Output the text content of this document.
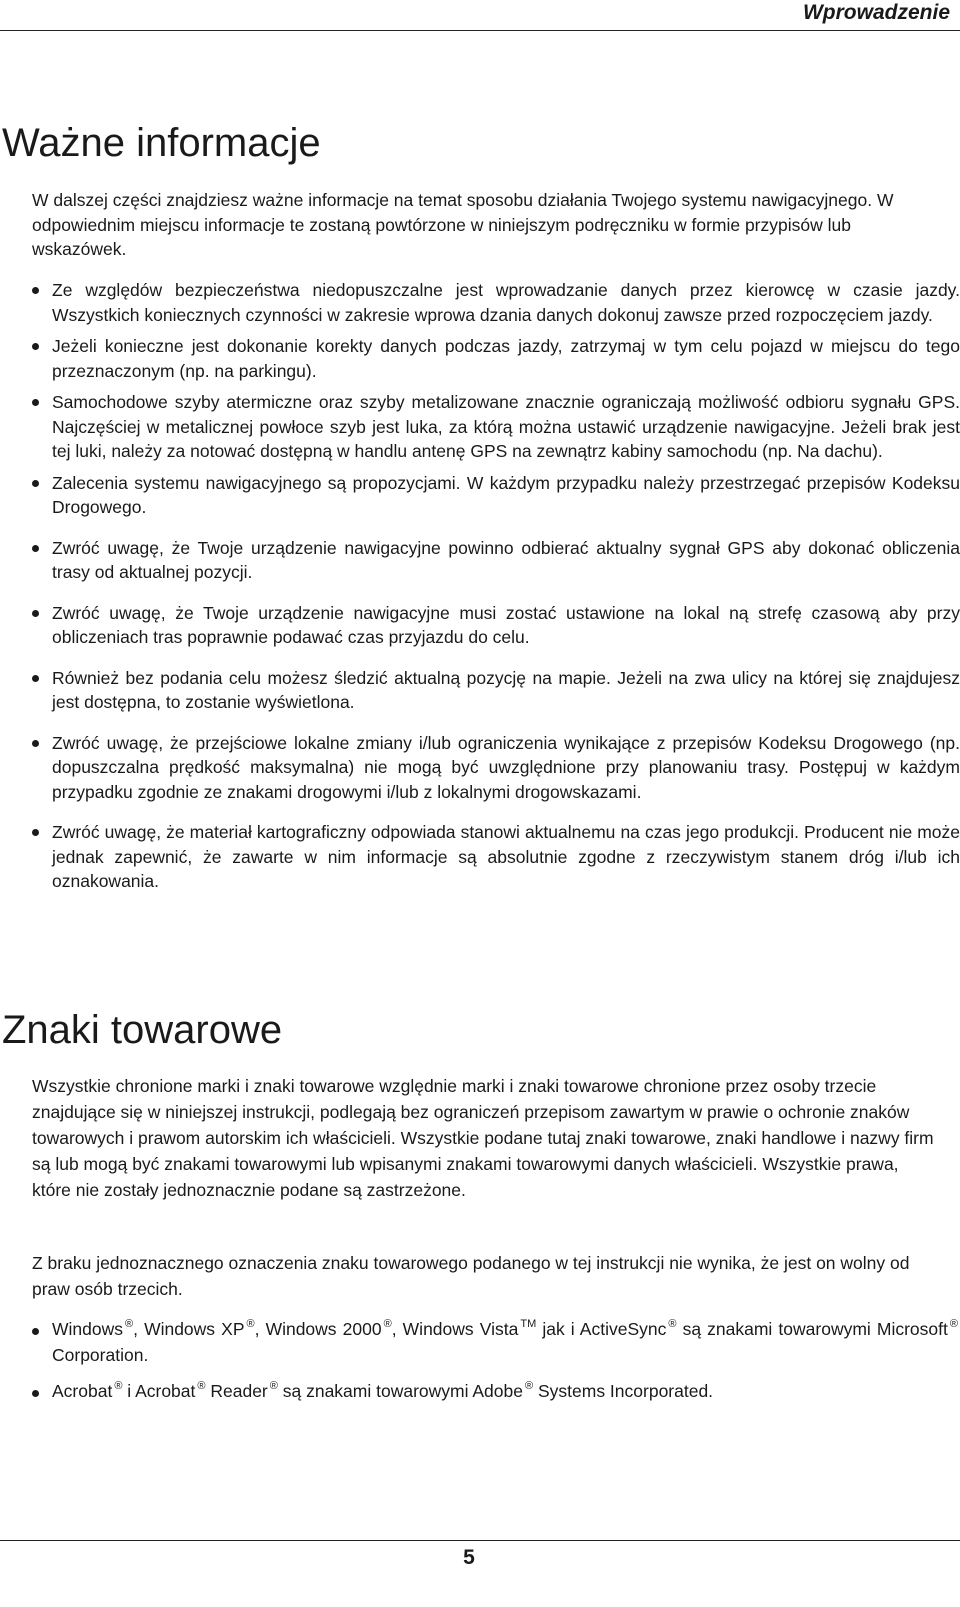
Wprowadzenie
Ważne informacje

W dalszej części znajdziesz ważne informacje na temat sposobu działania Twojego systemu nawigacyjnego. W odpowiednim miejscu informacje te zostaną powtórzone w niniejszym podręczniku w formie przypisów lub wskazówek.

Ze względów bezpieczeństwa niedopuszczalne jest wprowadzanie danych przez kierowcę w czasie jazdy. Wszystkich koniecznych czynności w zakresie wprowa dzania danych dokonuj zawsze przed rozpoczęciem jazdy.
Jeżeli konieczne jest dokonanie korekty danych podczas jazdy, zatrzymaj w tym celu pojazd w miejscu do tego przeznaczonym (np. na parkingu).
Samochodowe szyby atermiczne oraz szyby metalizowane znacznie ograniczają możliwość odbioru sygnału GPS. Najczęściej w metalicznej powłoce szyb jest luka, za którą można ustawić urządzenie nawigacyjne. Jeżeli brak jest tej luki, należy za notować dostępną w handlu antenę GPS na zewnątrz kabiny samochodu (np. Na dachu).
Zalecenia systemu nawigacyjnego są propozycjami. W każdym przypadku należy przestrzegać przepisów Kodeksu Drogowego.
Zwróć uwagę, że Twoje urządzenie nawigacyjne powinno odbierać aktualny sygnał GPS aby dokonać obliczenia trasy od aktualnej pozycji.
Zwróć uwagę, że Twoje urządzenie nawigacyjne musi zostać ustawione na lokal ną strefę czasową aby przy obliczeniach tras poprawnie podawać czas przyjazdu do celu.
Również bez podania celu możesz śledzić aktualną pozycję na mapie. Jeżeli na zwa ulicy na której się znajdujesz jest dostępna, to zostanie wyświetlona.
Zwróć uwagę, że przejściowe lokalne zmiany i/lub ograniczenia wynikające z przepisów Kodeksu Drogowego (np. dopuszczalna prędkość maksymalna) nie mogą być uwzględnione przy planowaniu trasy. Postępuj w każdym przypadku zgodnie ze znakami drogowymi i/lub z lokalnymi drogowskazami.
Zwróć uwagę, że materiał kartograficzny odpowiada stanowi aktualnemu na czas jego produkcji. Producent nie może jednak zapewnić, że zawarte w nim informacje są absolutnie zgodne z rzeczywistym stanem dróg i/lub ich oznakowania.
Znaki towarowe

Wszystkie chronione marki i znaki towarowe względnie marki i znaki towarowe chronione przez osoby trzecie znajdujące się w niniejszej instrukcji, podlegają bez ograniczeń przepisom zawartym w prawie o ochronie znaków towarowych i prawom autorskim ich właścicieli. Wszystkie podane tutaj znaki towarowe, znaki handlowe i nazwy firm są lub mogą być znakami towarowymi lub wpisanymi znakami towarowymi danych właścicieli. Wszystkie prawa, które nie zostały jednoznacznie podane są zastrzeżone.

Z braku jednoznacznego oznaczenia znaku towarowego podanego w tej instrukcji nie wynika, że jest on wolny od praw osób trzecich.

Windows ®, Windows XP ®, Windows 2000 ®, Windows Vista ™ jak i ActiveSync ® są znakami towarowymi Microsoft ® Corporation.
Acrobat ® i Acrobat ® Reader ® są znakami towarowymi Adobe ® Systems Incorporated.
5
